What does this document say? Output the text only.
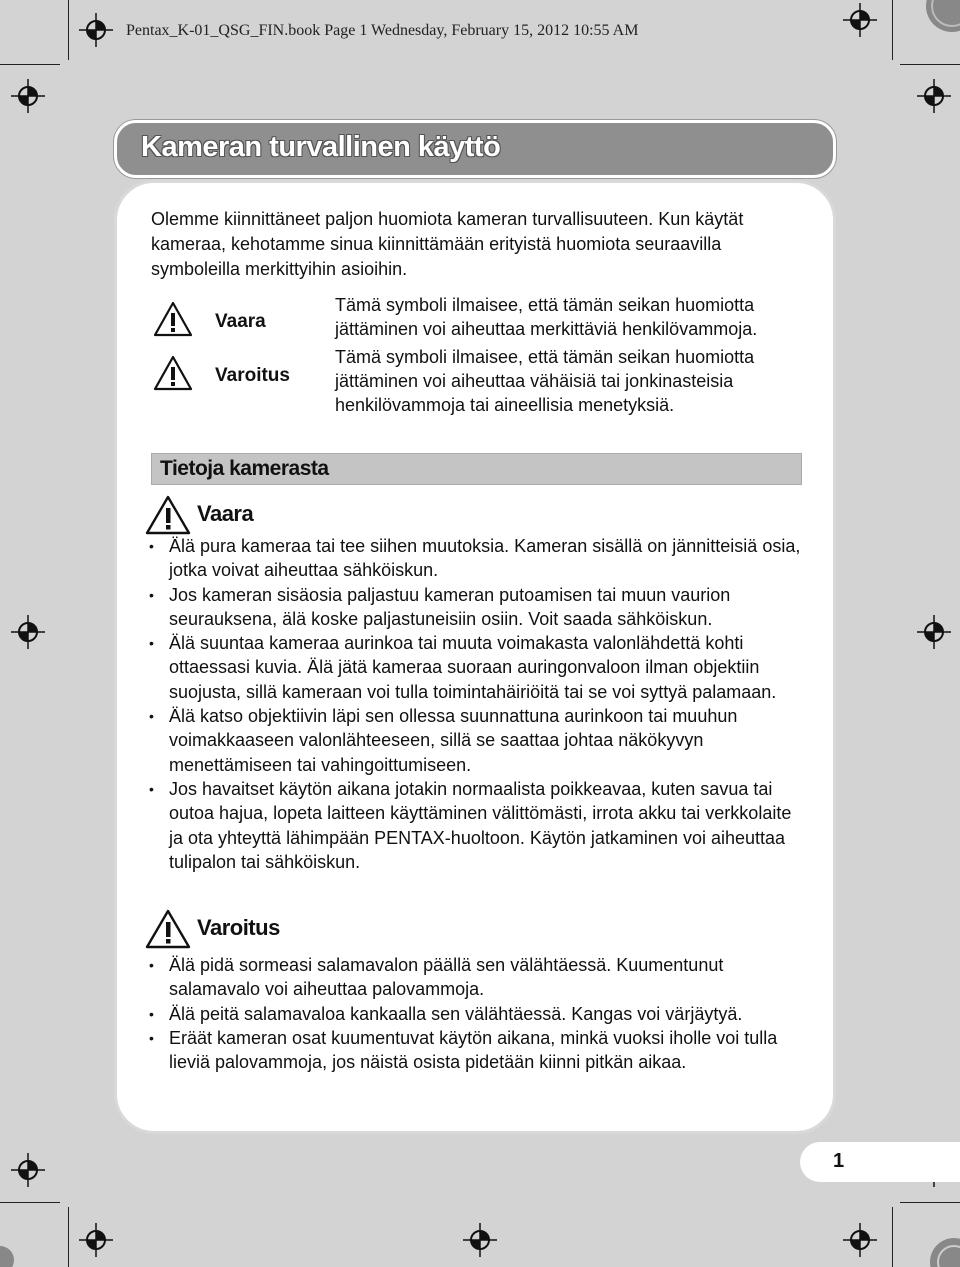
Pentax_K-01_QSG_FIN.book Page 1 Wednesday, February 15, 2012 10:55 AM
Kameran turvallinen käyttö
Olemme kiinnittäneet paljon huomiota kameran turvallisuuteen. Kun käytät kameraa, kehotamme sinua kiinnittämään erityistä huomiota seuraavilla symboleilla merkittyihin asioihin.
Vaara
Tämä symboli ilmaisee, että tämän seikan huomiotta jättäminen voi aiheuttaa merkittäviä henkilövammoja.
Varoitus
Tämä symboli ilmaisee, että tämän seikan huomiotta jättäminen voi aiheuttaa vähäisiä tai jonkinasteisia henkilövammoja tai aineellisia menetyksiä.
Tietoja kamerasta
Vaara
• Älä pura kameraa tai tee siihen muutoksia. Kameran sisällä on jännitteisiä osia, jotka voivat aiheuttaa sähköiskun.
• Jos kameran sisäosia paljastuu kameran putoamisen tai muun vaurion seurauksena, älä koske paljastuneisiin osiin. Voit saada sähköiskun.
• Älä suuntaa kameraa aurinkoa tai muuta voimakasta valonlähdettä kohti ottaessasi kuvia. Älä jätä kameraa suoraan auringonvaloon ilman objektiin suojusta, sillä kameraan voi tulla toimintahäiriöitä tai se voi syttyä palamaan.
• Älä katso objektiivin läpi sen ollessa suunnattuna aurinkoon tai muuhun voimakkaaseen valonlähteeseen, sillä se saattaa johtaa näkökyvyn menettämiseen tai vahingoittumiseen.
• Jos havaitset käytön aikana jotakin normaalista poikkeavaa, kuten savua tai outoa hajua, lopeta laitteen käyttäminen välittömästi, irrota akku tai verkkolaite ja ota yhteyttä lähimpään PENTAX-huoltoon. Käytön jatkaminen voi aiheuttaa tulipalon tai sähköiskun.
Varoitus
• Älä pidä sormeasi salamavalon päällä sen välähtäessä. Kuumentunut salamavalo voi aiheuttaa palovammoja.
• Älä peitä salamavaloa kankaalla sen välähtäessä. Kangas voi värjäytyä.
• Eräät kameran osat kuumentuvat käytön aikana, minkä vuoksi iholle voi tulla lieviä palovammoja, jos näistä osista pidetään kiinni pitkän aikaa.
1
